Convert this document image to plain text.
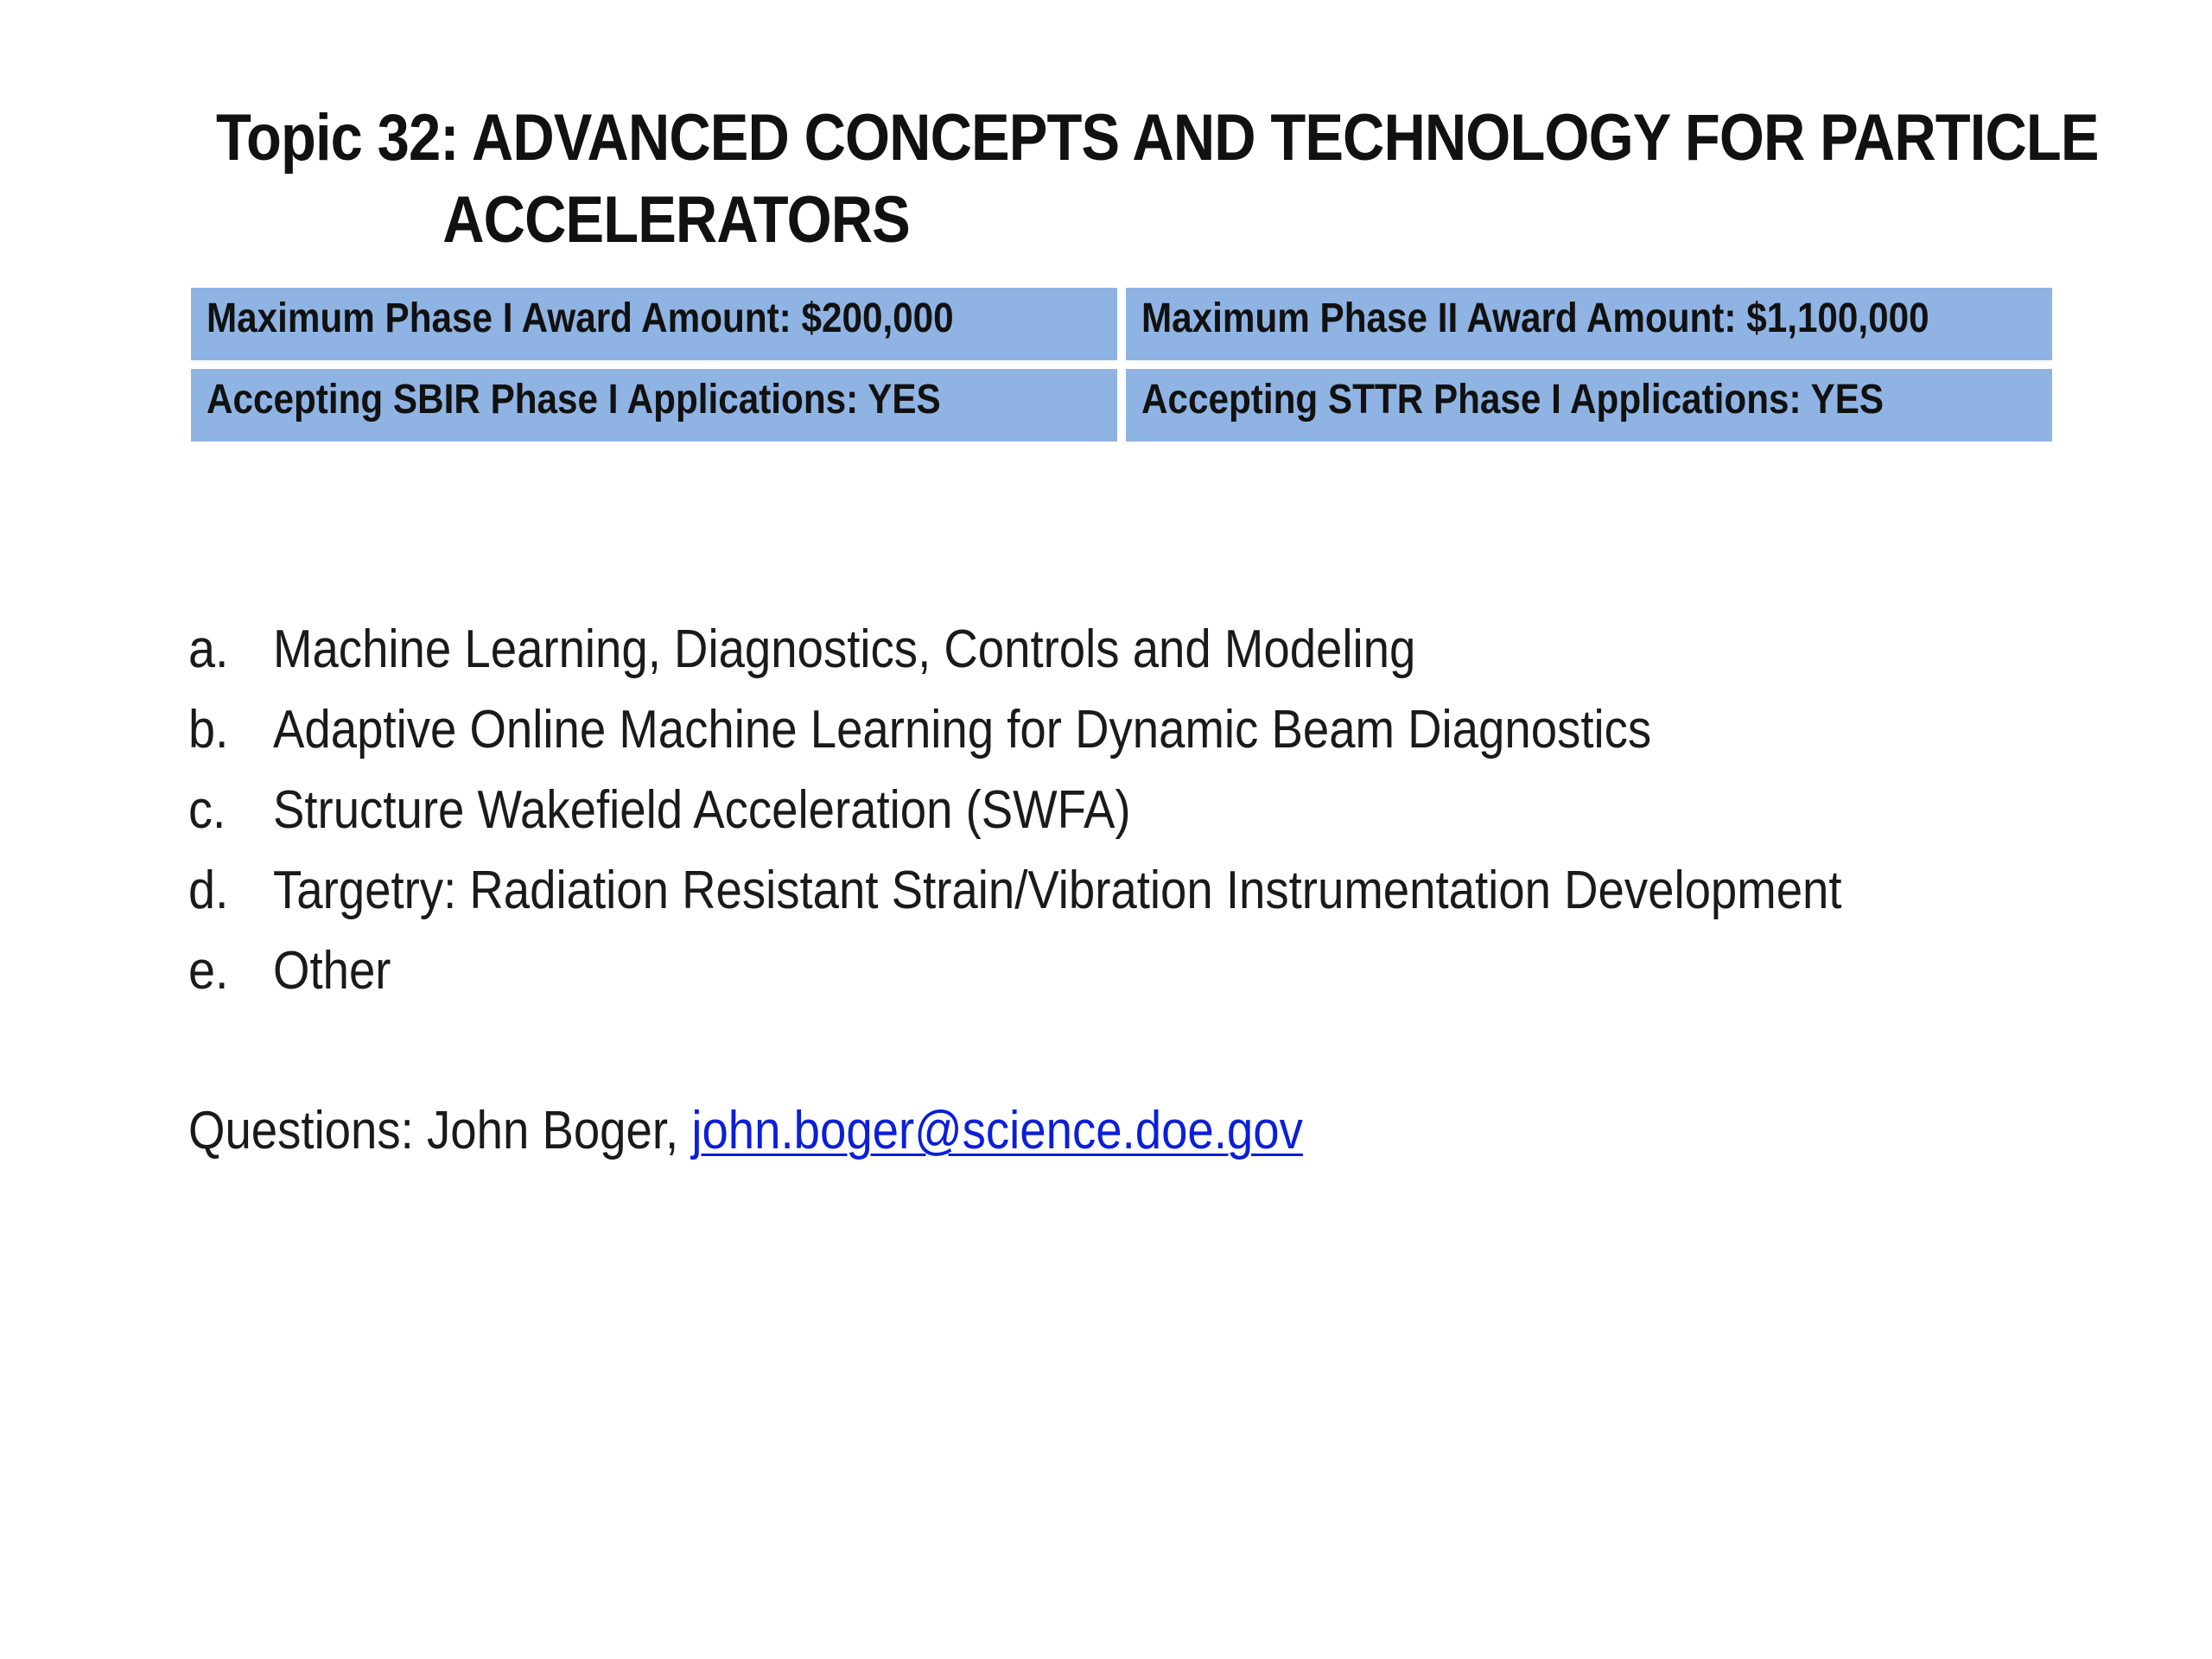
Topic 32: ADVANCED CONCEPTS AND TECHNOLOGY FOR PARTICLE
ACCELERATORS
Maximum Phase I Award Amount: $200,000	Maximum Phase II Award Amount: $1,100,000
Accepting SBIR Phase I Applications: YES	Accepting STTR Phase I Applications: YES
a. Machine Learning, Diagnostics, Controls and Modeling
b. Adaptive Online Machine Learning for Dynamic Beam Diagnostics
c. Structure Wakefield Acceleration (SWFA)
d. Targetry: Radiation Resistant Strain/Vibration Instrumentation Development
e. Other
Questions: John Boger, john.boger@science.doe.gov
